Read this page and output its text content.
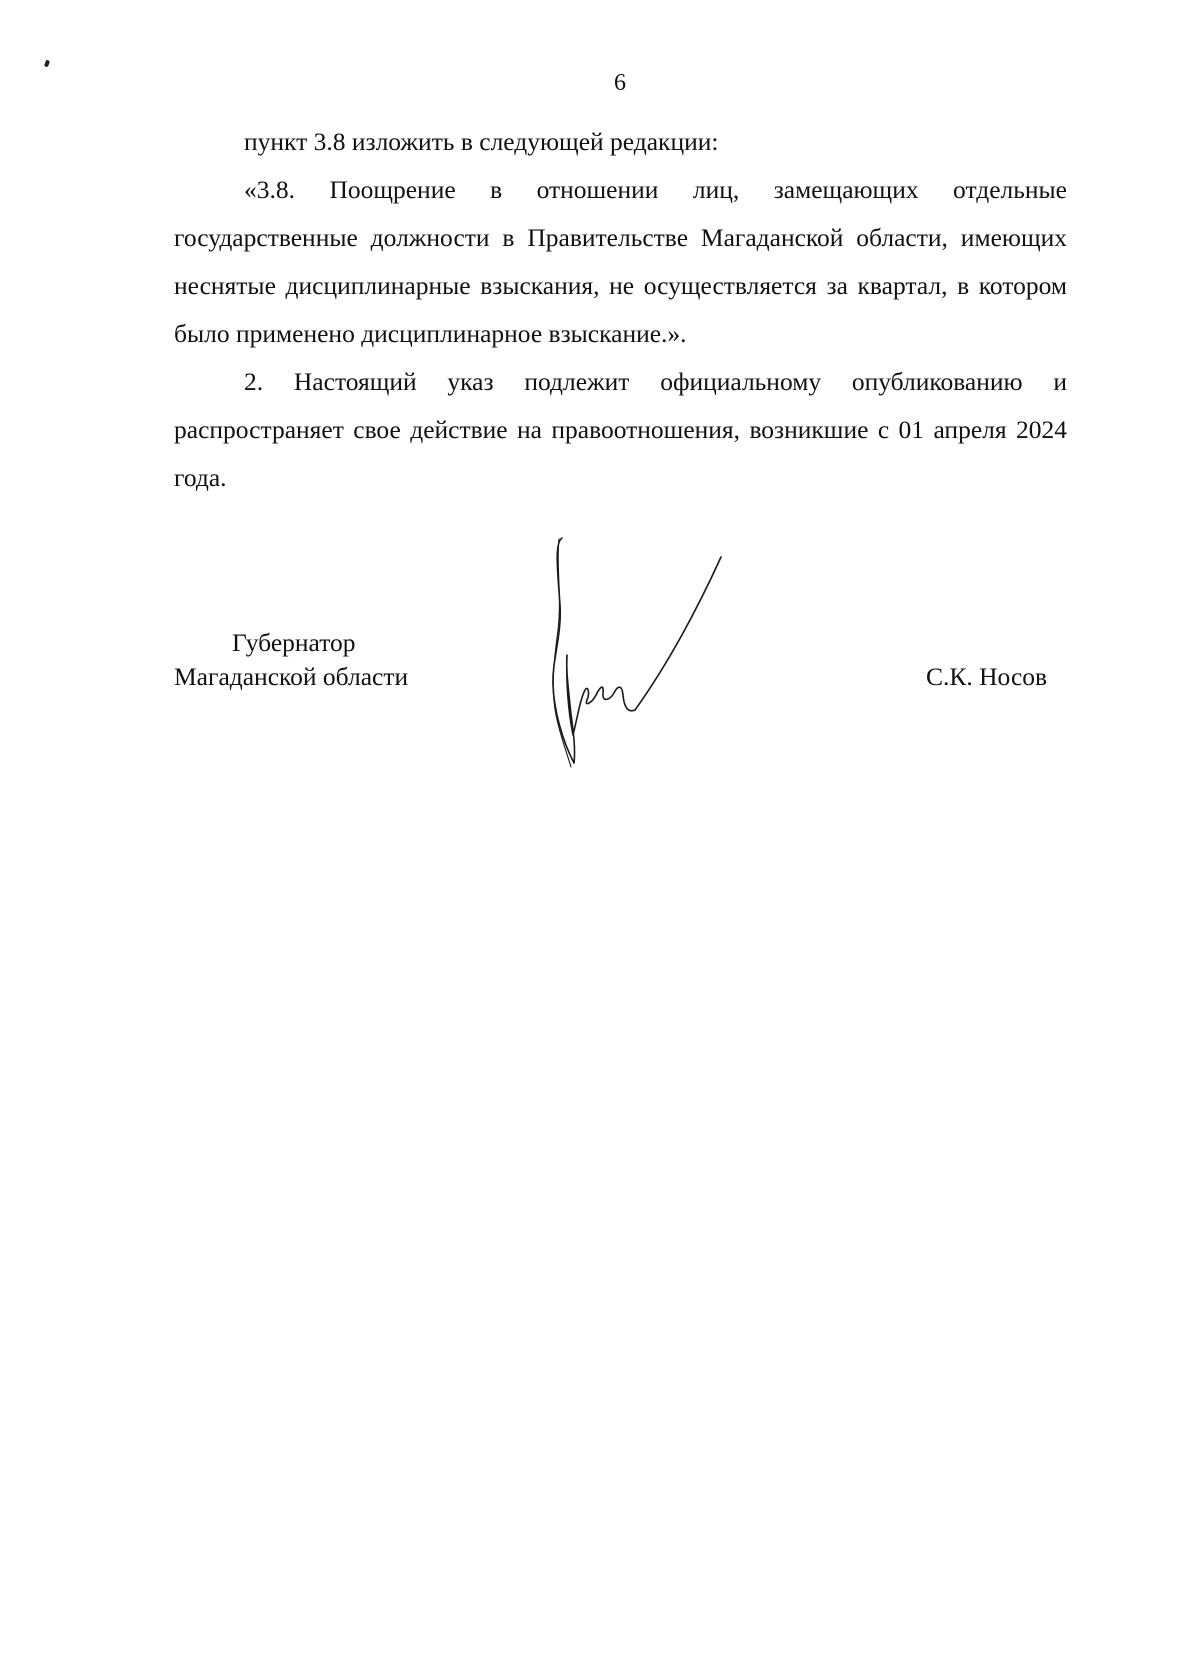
6

пункт 3.8 изложить в следующей редакции:

«3.8. Поощрение в отношении лиц, замещающих отдельные государственные должности в Правительстве Магаданской области, имеющих неснятые дисциплинарные взыскания, не осуществляется за квартал, в котором было применено дисциплинарное взыскание.».

2. Настоящий указ подлежит официальному опубликованию и распространяет свое действие на правоотношения, возникшие с 01 апреля 2024 года.

Губернатор
Магаданской области	С.К. Носов
